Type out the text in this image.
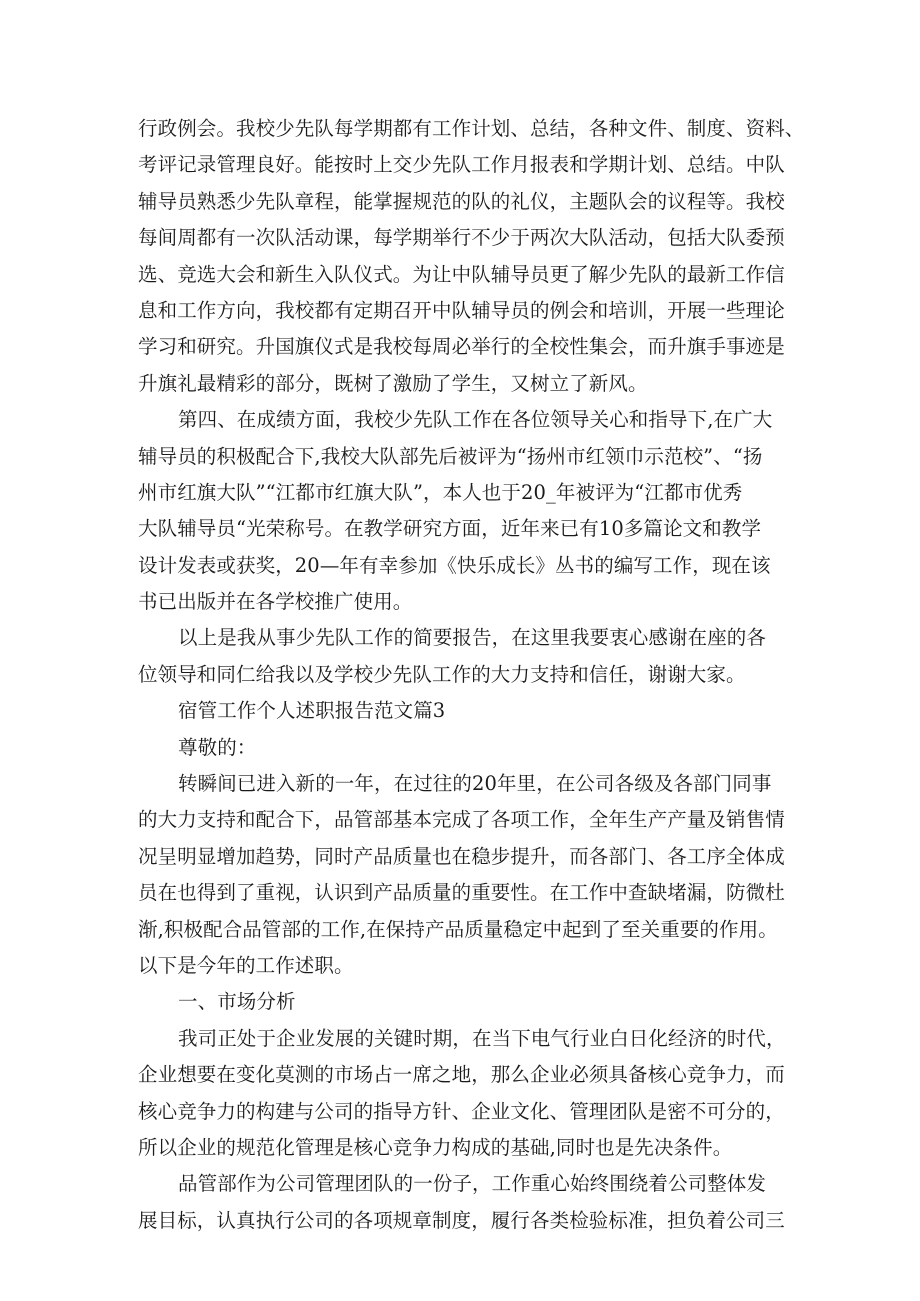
行政例会。我校少先队每学期都有工作计划、总结，各种文件、制度、资料、
考评记录管理良好。能按时上交少先队工作月报表和学期计划、总结。中队
辅导员熟悉少先队章程，能掌握规范的队的礼仪，主题队会的议程等。我校
每间周都有一次队活动课，每学期举行不少于两次大队活动，包括大队委预
选、竞选大会和新生入队仪式。为让中队辅导员更了解少先队的最新工作信
息和工作方向，我校都有定期召开中队辅导员的例会和培训，开展一些理论
学习和研究。升国旗仪式是我校每周必举行的全校性集会，而升旗手事迹是
升旗礼最精彩的部分，既树了激励了学生，又树立了新风。
第四、在成绩方面，我校少先队工作在各位领导关心和指导下,在广大
辅导员的积极配合下,我校大队部先后被评为“扬州市红领巾示范校”、“扬
州市红旗大队”“江都市红旗大队”，本人也于20_年被评为“江都市优秀
大队辅导员“光荣称号。在教学研究方面，近年来已有10多篇论文和教学
设计发表或获奖，20—年有幸参加《快乐成长》丛书的编写工作，现在该
书已出版并在各学校推广使用。
以上是我从事少先队工作的简要报告，在这里我要衷心感谢在座的各
位领导和同仁给我以及学校少先队工作的大力支持和信任，谢谢大家。
宿管工作个人述职报告范文篇3
尊敬的：
转瞬间已进入新的一年，在过往的20年里，在公司各级及各部门同事
的大力支持和配合下，品管部基本完成了各项工作，全年生产产量及销售情
况呈明显增加趋势，同时产品质量也在稳步提升，而各部门、各工序全体成
员在也得到了重视，认识到产品质量的重要性。在工作中查缺堵漏，防微杜
渐,积极配合品管部的工作,在保持产品质量稳定中起到了至关重要的作用。
以下是今年的工作述职。
一、市场分析
我司正处于企业发展的关键时期，在当下电气行业白日化经济的时代，
企业想要在变化莫测的市场占一席之地，那么企业必须具备核心竞争力，而
核心竞争力的构建与公司的指导方针、企业文化、管理团队是密不可分的，
所以企业的规范化管理是核心竞争力构成的基础,同时也是先决条件。
品管部作为公司管理团队的一份子，工作重心始终围绕着公司整体发
展目标，认真执行公司的各项规章制度，履行各类检验标准，担负着公司三
